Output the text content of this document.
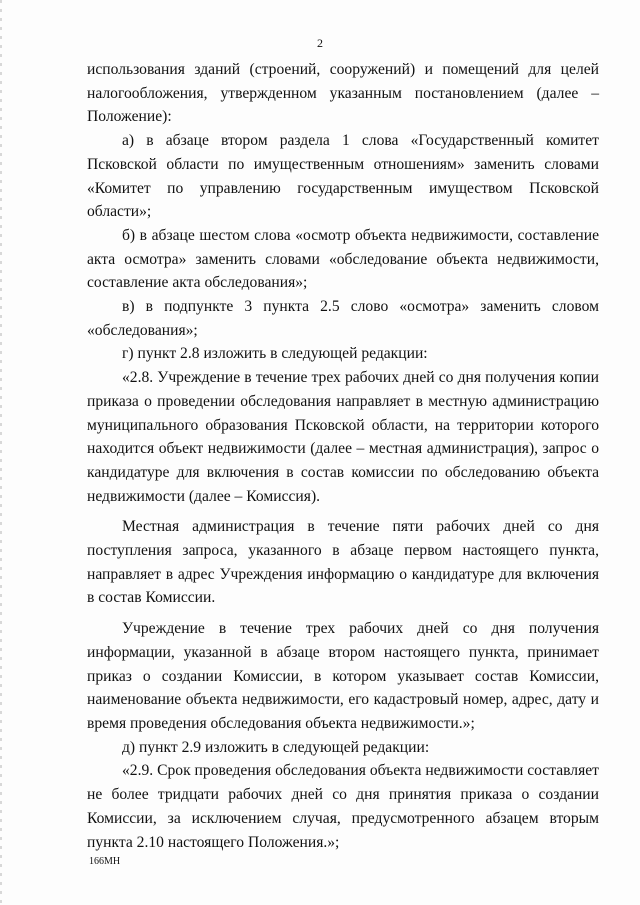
2

использования зданий (строений, сооружений) и помещений для целей налогообложения, утвержденном указанным постановлением (далее – Положение):

а) в абзаце втором раздела 1 слова «Государственный комитет Псковской области по имущественным отношениям» заменить словами «Комитет по управлению государственным имуществом Псковской области»;

б) в абзаце шестом слова «осмотр объекта недвижимости, составление акта осмотра» заменить словами «обследование объекта недвижимости, составление акта обследования»;

в) в подпункте 3 пункта 2.5 слово «осмотра» заменить словом «обследования»;

г) пункт 2.8 изложить в следующей редакции:

«2.8. Учреждение в течение трех рабочих дней со дня получения копии приказа о проведении обследования направляет в местную администрацию муниципального образования Псковской области, на территории которого находится объект недвижимости (далее – местная администрация), запрос о кандидатуре для включения в состав комиссии по обследованию объекта недвижимости (далее – Комиссия).

Местная администрация в течение пяти рабочих дней со дня поступления запроса, указанного в абзаце первом настоящего пункта, направляет в адрес Учреждения информацию о кандидатуре для включения в состав Комиссии.

Учреждение в течение трех рабочих дней со дня получения информации, указанной в абзаце втором настоящего пункта, принимает приказ о создании Комиссии, в котором указывает состав Комиссии, наименование объекта недвижимости, его кадастровый номер, адрес, дату и время проведения обследования объекта недвижимости.»;

д) пункт 2.9 изложить в следующей редакции:

«2.9. Срок проведения обследования объекта недвижимости составляет не более тридцати рабочих дней со дня принятия приказа о создании Комиссии, за исключением случая, предусмотренного абзацем вторым пункта 2.10 настоящего Положения.»;

166МН
